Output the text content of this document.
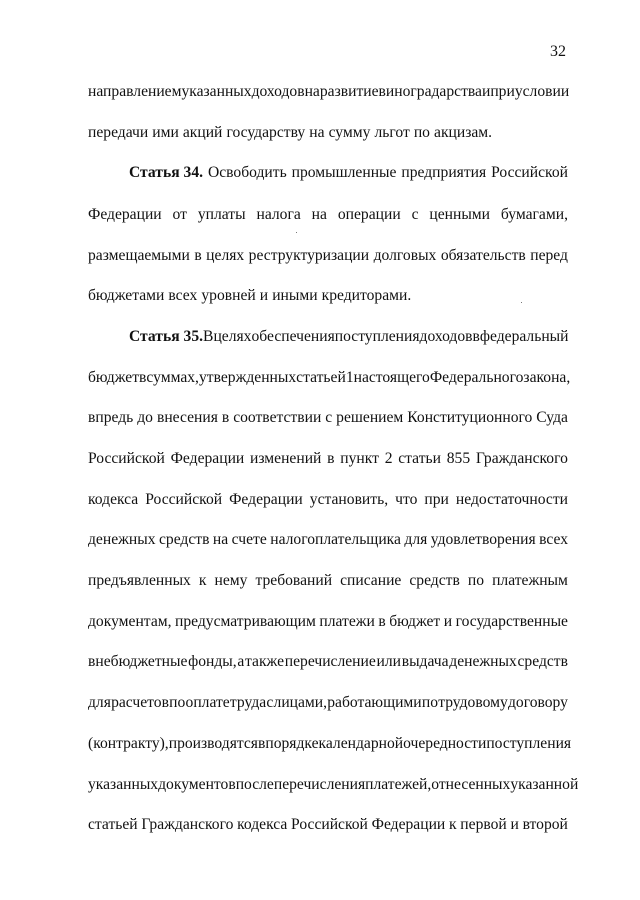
32
направлением указанных доходов на развитие виноградарства и при условии
передачи ими акций государству на сумму льгот по акцизам.
Статья 34. Освободить промышленные предприятия Российской
Федерации от уплаты налога на операции с ценными бумагами,
размещаемыми в целях реструктуризации долговых обязательств перед
бюджетами всех уровней и иными кредиторами.
Статья 35. В целях обеспечения поступления доходов в федеральный
бюджет в суммах, утвержденных статьей 1 настоящего Федерального закона,
впредь до внесения в соответствии с решением Конституционного Суда
Российской Федерации изменений в пункт 2 статьи 855 Гражданского
кодекса Российской Федерации установить, что при недостаточности
денежных средств на счете налогоплательщика для удовлетворения всех
предъявленных к нему требований списание средств по платежным
документам, предусматривающим платежи в бюджет и государственные
внебюджетные фонды, а также перечисление или выдача денежных средств
для расчетов по оплате труда с лицами, работающими по трудовому договору
(контракту), производятся в порядке календарной очередности поступления
указанных документов после перечисления платежей, отнесенных указанной
статьей Гражданского кодекса Российской Федерации к первой и второй
